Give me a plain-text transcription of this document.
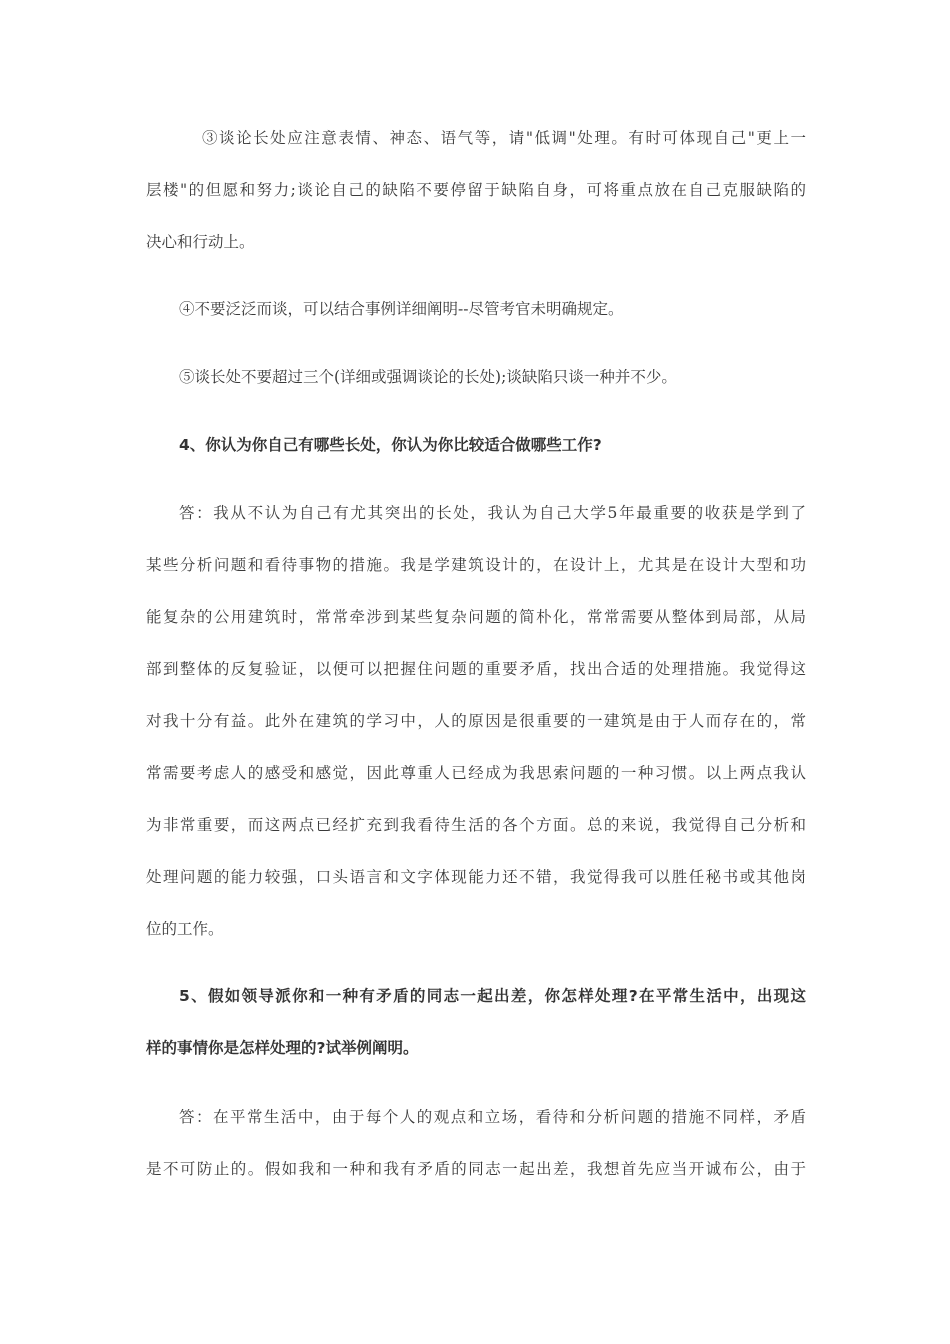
③谈论长处应注意表情、神态、语气等，请"低调"处理。有时可体现自己"更上一
层楼"的但愿和努力;谈论自己的缺陷不要停留于缺陷自身，可将重点放在自己克服缺陷的
决心和行动上。
④不要泛泛而谈，可以结合事例详细阐明--尽管考官未明确规定。
⑤谈长处不要超过三个(详细或强调谈论的长处);谈缺陷只谈一种并不少。
4、你认为你自己有哪些长处，你认为你比较适合做哪些工作?
答：我从不认为自己有尤其突出的长处，我认为自己大学5年最重要的收获是学到了
某些分析问题和看待事物的措施。我是学建筑设计的，在设计上，尤其是在设计大型和功
能复杂的公用建筑时，常常牵涉到某些复杂问题的简朴化，常常需要从整体到局部，从局
部到整体的反复验证，以便可以把握住问题的重要矛盾，找出合适的处理措施。我觉得这
对我十分有益。此外在建筑的学习中，人的原因是很重要的一建筑是由于人而存在的，常
常需要考虑人的感受和感觉，因此尊重人已经成为我思索问题的一种习惯。以上两点我认
为非常重要，而这两点已经扩充到我看待生活的各个方面。总的来说，我觉得自己分析和
处理问题的能力较强，口头语言和文字体现能力还不错，我觉得我可以胜任秘书或其他岗
位的工作。
5、假如领导派你和一种有矛盾的同志一起出差，你怎样处理?在平常生活中，出现这
样的事情你是怎样处理的?试举例阐明。
答：在平常生活中，由于每个人的观点和立场，看待和分析问题的措施不同样，矛盾
是不可防止的。假如我和一种和我有矛盾的同志一起出差，我想首先应当开诚布公，由于
